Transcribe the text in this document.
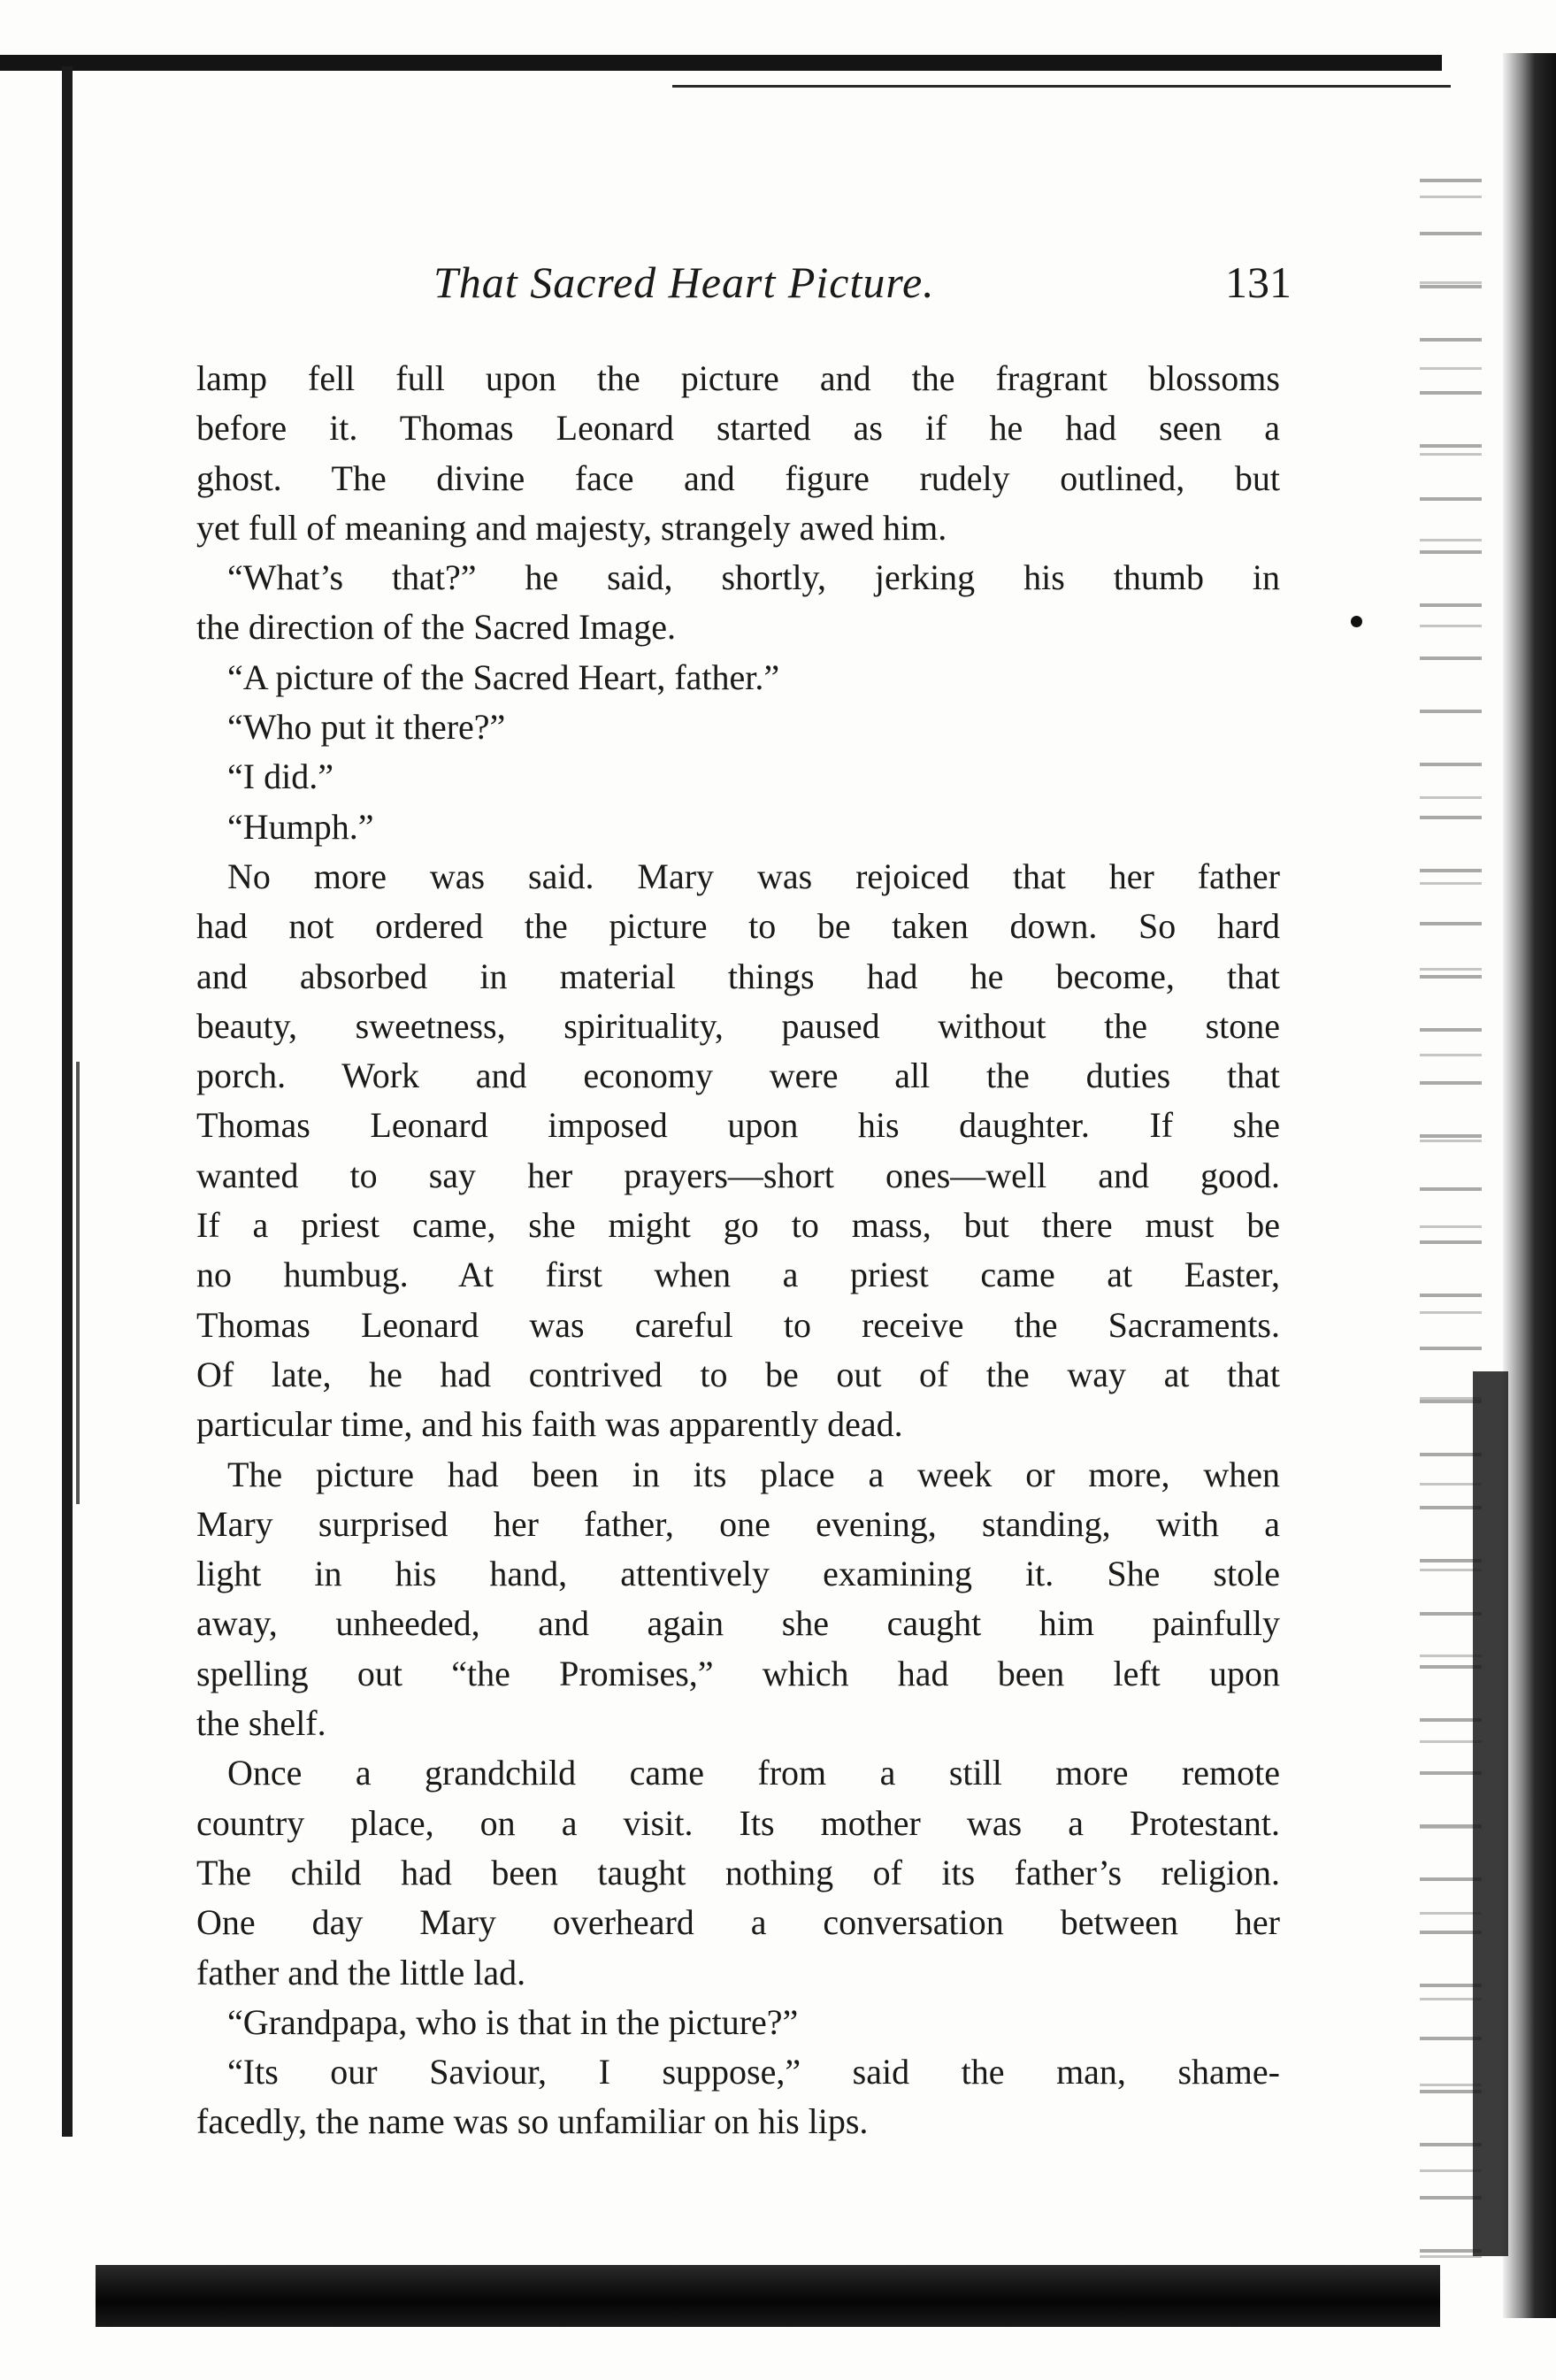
That Sacred Heart Picture.	131
lamp fell full upon the picture and the fragrant blossoms
before it. Thomas Leonard started as if he had seen a
ghost. The divine face and figure rudely outlined, but
yet full of meaning and majesty, strangely awed him.
“What’s that?” he said, shortly, jerking his thumb in
the direction of the Sacred Image.
“A picture of the Sacred Heart, father.”
“Who put it there?”
“I did.”
“Humph.”
No more was said. Mary was rejoiced that her father
had not ordered the picture to be taken down. So hard
and absorbed in material things had he become, that
beauty, sweetness, spirituality, paused without the stone
porch. Work and economy were all the duties that
Thomas Leonard imposed upon his daughter. If she
wanted to say her prayers—short ones—well and good.
If a priest came, she might go to mass, but there must be
no humbug. At first when a priest came at Easter,
Thomas Leonard was careful to receive the Sacraments.
Of late, he had contrived to be out of the way at that
particular time, and his faith was apparently dead.
The picture had been in its place a week or more, when
Mary surprised her father, one evening, standing, with a
light in his hand, attentively examining it. She stole
away, unheeded, and again she caught him painfully
spelling out “the Promises,” which had been left upon
the shelf.
Once a grandchild came from a still more remote
country place, on a visit. Its mother was a Protestant.
The child had been taught nothing of its father’s religion.
One day Mary overheard a conversation between her
father and the little lad.
“Grandpapa, who is that in the picture?”
“Its our Saviour, I suppose,” said the man, shame-
facedly, the name was so unfamiliar on his lips.
